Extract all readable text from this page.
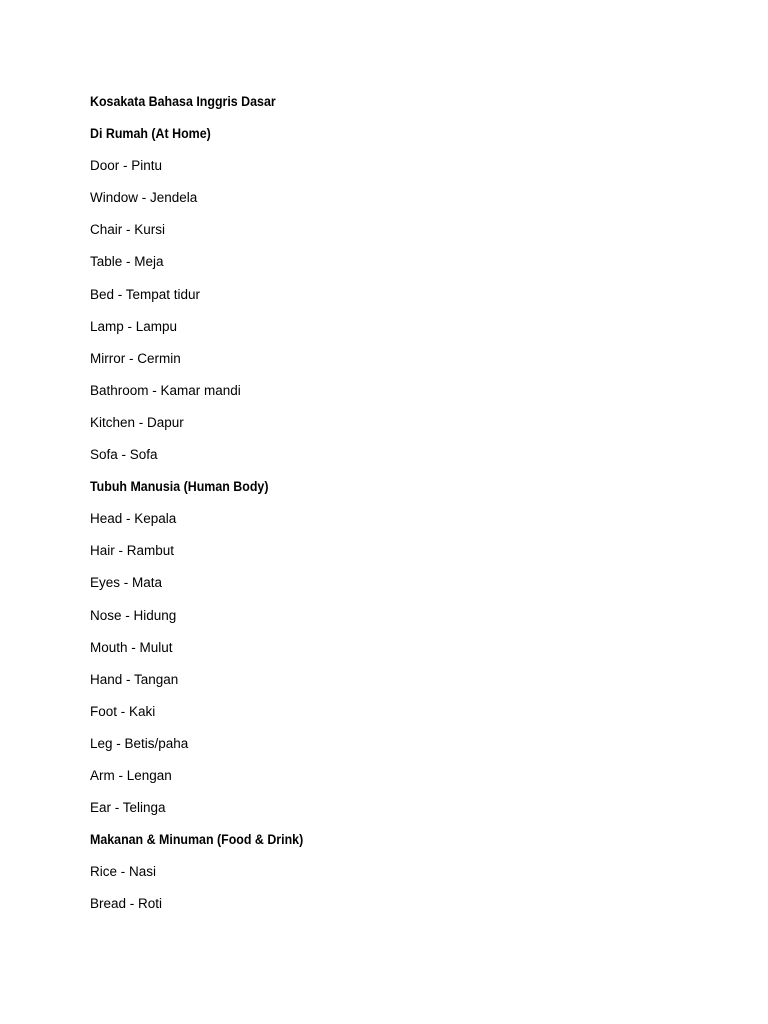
Kosakata Bahasa Inggris Dasar
Di Rumah (At Home)
Door - Pintu
Window - Jendela
Chair - Kursi
Table - Meja
Bed - Tempat tidur
Lamp - Lampu
Mirror - Cermin
Bathroom - Kamar mandi
Kitchen - Dapur
Sofa - Sofa
Tubuh Manusia (Human Body)
Head - Kepala
Hair - Rambut
Eyes - Mata
Nose - Hidung
Mouth - Mulut
Hand - Tangan
Foot - Kaki
Leg - Betis/paha
Arm - Lengan
Ear - Telinga
Makanan & Minuman (Food & Drink)
Rice - Nasi
Bread - Roti
